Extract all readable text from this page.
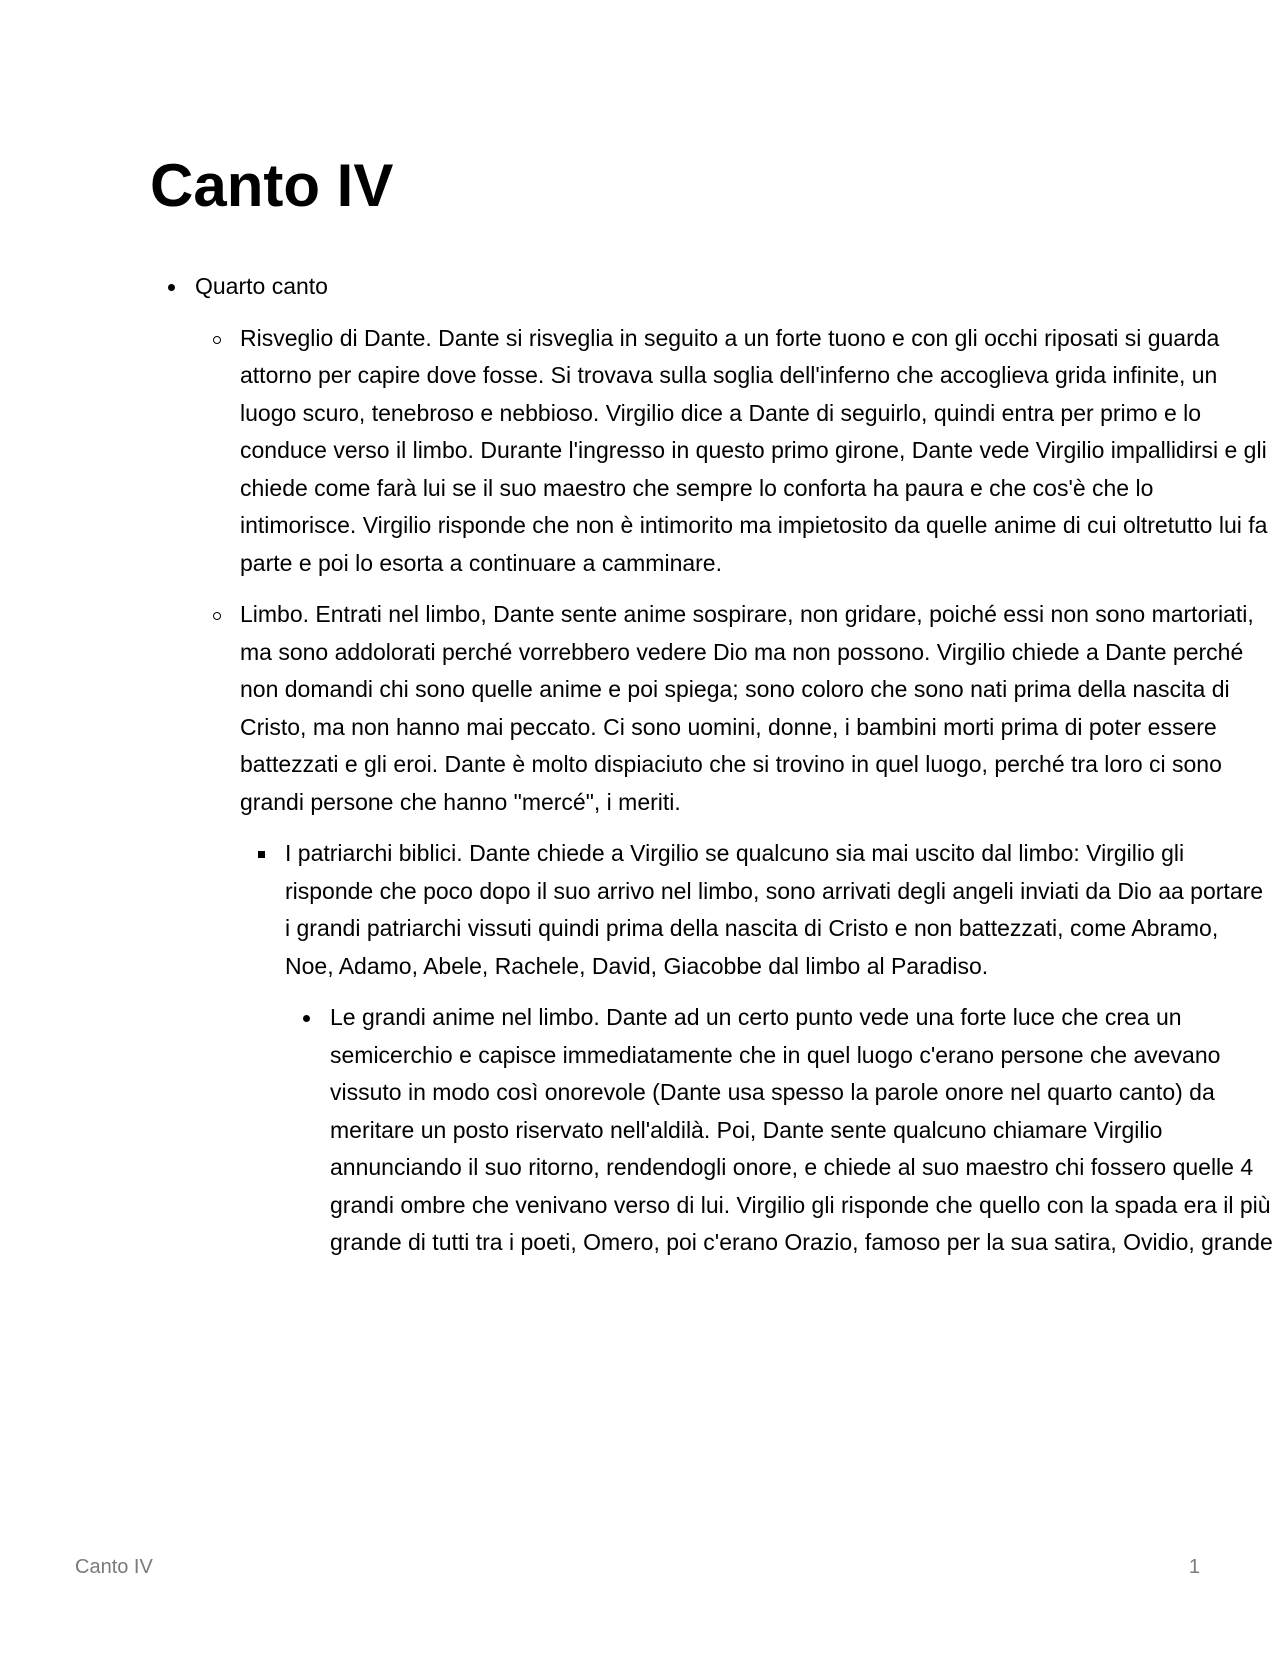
Canto IV
Quarto canto
Risveglio di Dante. Dante si risveglia in seguito a un forte tuono e con gli occhi riposati si guarda attorno per capire dove fosse. Si trovava sulla soglia dell'inferno che accoglieva grida infinite, un luogo scuro, tenebroso e nebbioso. Virgilio dice a Dante di seguirlo, quindi entra per primo e lo conduce verso il limbo. Durante l'ingresso in questo primo girone, Dante vede Virgilio impallidirsi e gli chiede come farà lui se il suo maestro che sempre lo conforta ha paura e che cos'è che lo intimorisce. Virgilio risponde che non è intimorito ma impietosito da quelle anime di cui oltretutto lui fa parte e poi lo esorta a continuare a camminare.
Limbo. Entrati nel limbo, Dante sente anime sospirare, non gridare, poiché essi non sono martoriati, ma sono addolorati perché vorrebbero vedere Dio ma non possono. Virgilio chiede a Dante perché non domandi chi sono quelle anime e poi spiega; sono coloro che sono nati prima della nascita di Cristo, ma non hanno mai peccato. Ci sono uomini, donne, i bambini morti prima di poter essere battezzati e gli eroi. Dante è molto dispiaciuto che si trovino in quel luogo, perché tra loro ci sono grandi persone che hanno "mercé", i meriti.
I patriarchi biblici. Dante chiede a Virgilio se qualcuno sia mai uscito dal limbo: Virgilio gli risponde che poco dopo il suo arrivo nel limbo, sono arrivati degli angeli inviati da Dio aa portare i grandi patriarchi vissuti quindi prima della nascita di Cristo e non battezzati, come Abramo, Noe, Adamo, Abele, Rachele, David, Giacobbe dal limbo al Paradiso.
Le grandi anime nel limbo. Dante ad un certo punto vede una forte luce che crea un semicerchio e capisce immediatamente che in quel luogo c'erano persone che avevano vissuto in modo così onorevole (Dante usa spesso la parole onore nel quarto canto) da meritare un posto riservato nell'aldilà. Poi, Dante sente qualcuno chiamare Virgilio annunciando il suo ritorno, rendendogli onore, e chiede al suo maestro chi fossero quelle 4 grandi ombre che venivano verso di lui. Virgilio gli risponde che quello con la spada era il più grande di tutti tra i poeti, Omero, poi c'erano Orazio, famoso per la sua satira, Ovidio, grande
Canto IV	1
